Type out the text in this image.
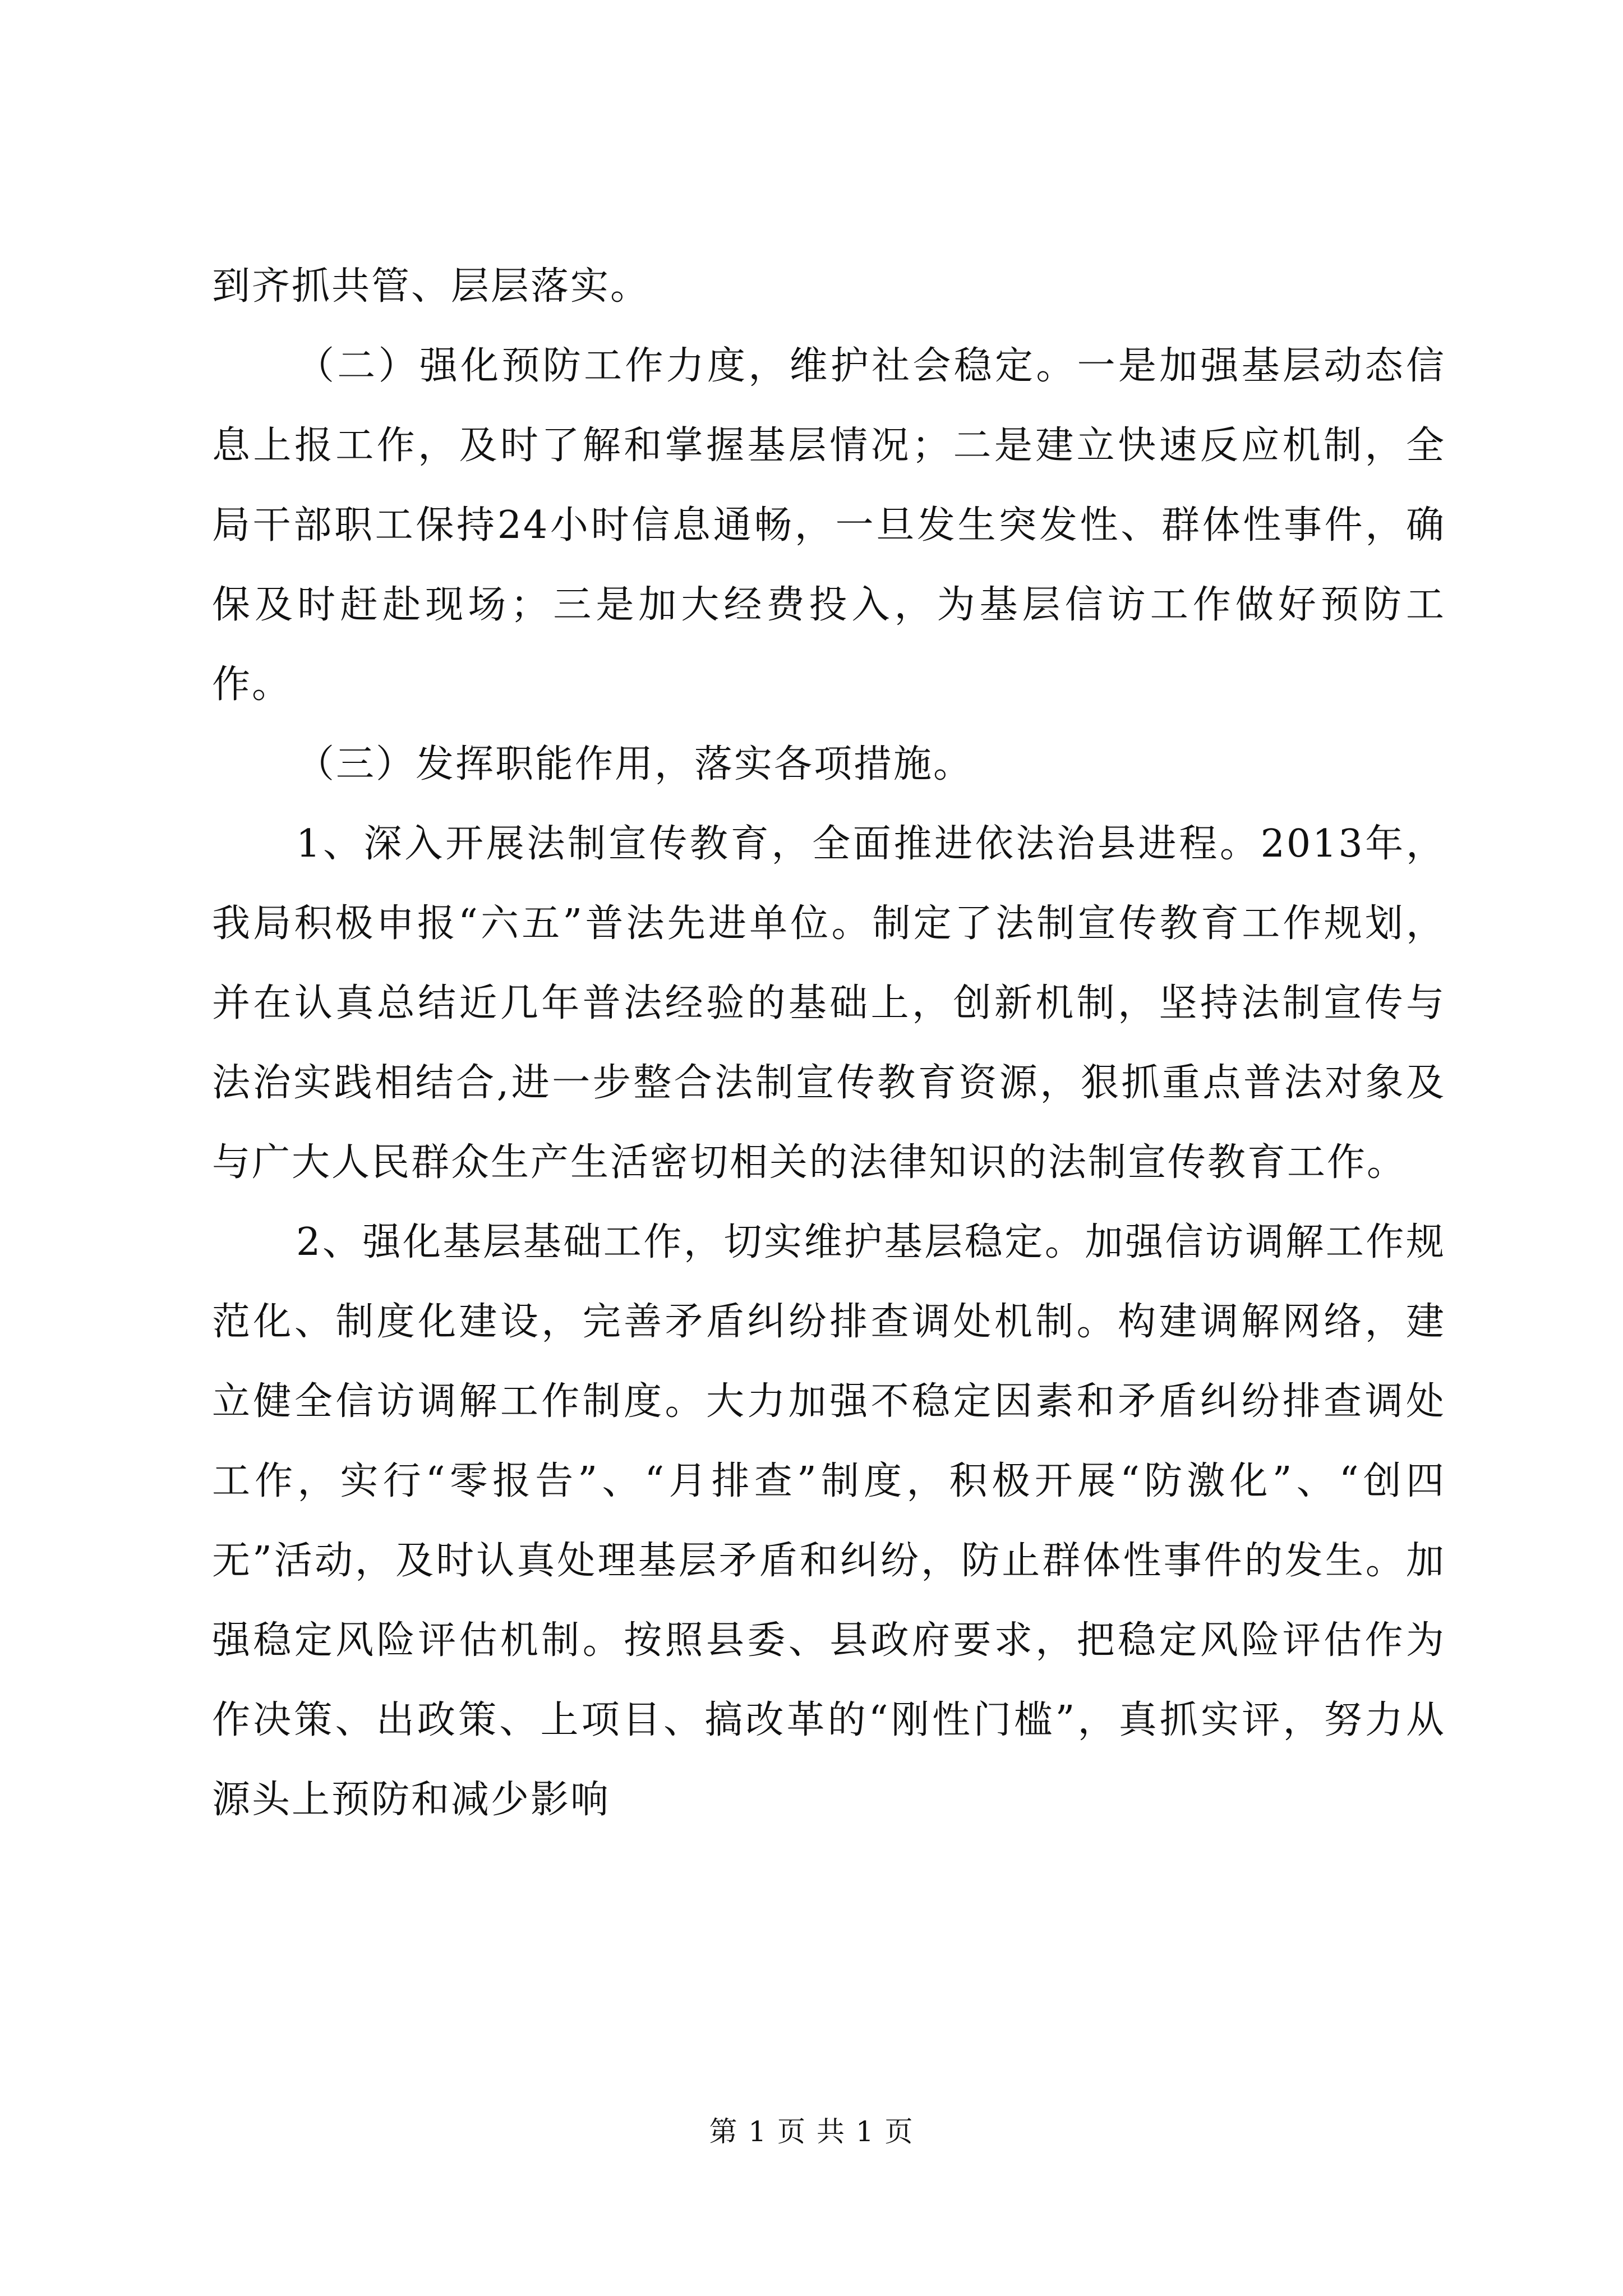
到齐抓共管、层层落实。

（二）强化预防工作力度，维护社会稳定。一是加强基层动态信息上报工作，及时了解和掌握基层情况；二是建立快速反应机制，全局干部职工保持24小时信息通畅，一旦发生突发性、群体性事件，确保及时赶赴现场；三是加大经费投入，为基层信访工作做好预防工作。

（三）发挥职能作用，落实各项措施。

1、深入开展法制宣传教育，全面推进依法治县进程。2013年，我局积极申报“六五”普法先进单位。制定了法制宣传教育工作规划，并在认真总结近几年普法经验的基础上，创新机制，坚持法制宣传与法治实践相结合,进一步整合法制宣传教育资源，狠抓重点普法对象及与广大人民群众生产生活密切相关的法律知识的法制宣传教育工作。

2、强化基层基础工作，切实维护基层稳定。加强信访调解工作规范化、制度化建设，完善矛盾纠纷排查调处机制。构建调解网络，建立健全信访调解工作制度。大力加强不稳定因素和矛盾纠纷排查调处工作，实行“零报告”、“月排查”制度，积极开展“防激化”、“创四无”活动，及时认真处理基层矛盾和纠纷，防止群体性事件的发生。加强稳定风险评估机制。按照县委、县政府要求，把稳定风险评估作为作决策、出政策、上项目、搞改革的“刚性门槛”，真抓实评，努力从源头上预防和减少影响

第 1 页 共 1 页
